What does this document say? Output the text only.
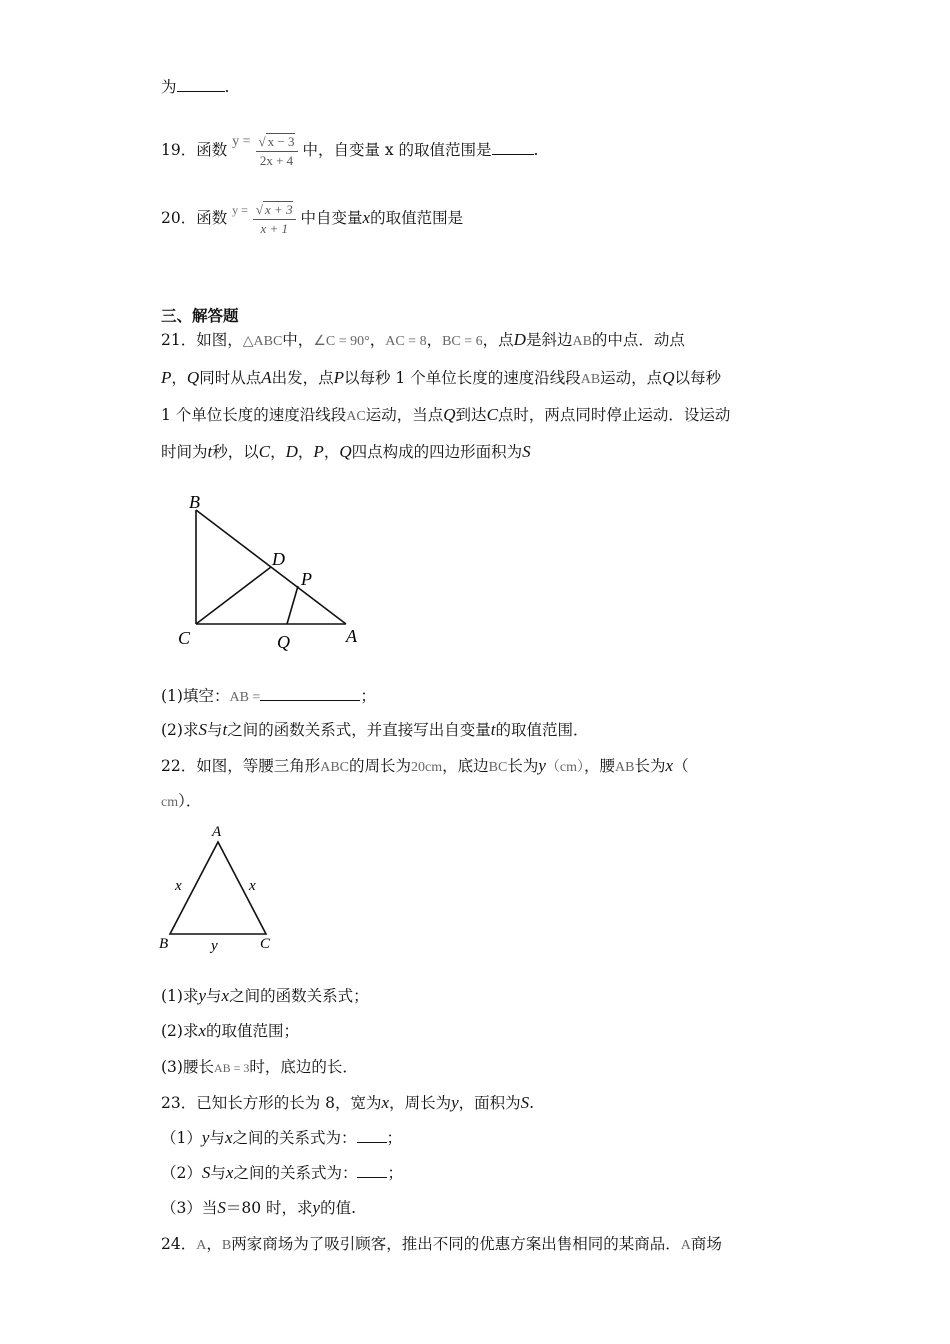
为	.
19．函数 $y = \frac{√ x - 3}{2x + 4}$ 中，自变量 x 的取值范围是	.
20．函数 $^{y =} \frac{√ x + 3}{x + 1}$ 中自变量x的取值范围是
三、解答题
21．如图，△ABC中，∠C = 90°，AC = 8，BC = 6，点D是斜边AB的中点．动点
P，Q同时从点A出发，点P以每秒 1 个单位长度的速度沿线段AB运动，点Q以每秒
1 个单位长度的速度沿线段AC运动，当点Q到达C点时，两点同时停止运动．设运动
时间为t秒，以C，D，P，Q四点构成的四边形面积为S
B
D
P
C	Q	A
(1)填空：AB =	；
(2)求S与t之间的函数关系式，并直接写出自变量t的取值范围．
22．如图，等腰三角形ABC的周长为20cm，底边BC长为y（cm），腰AB长为x（
cm）．
A
x	x
B	y	C
(1)求y与x之间的函数关系式；
(2)求x的取值范围；
(3)腰长AB = 3时，底边的长．
23．已知长方形的长为 8，宽为x，周长为y，面积为S.
（1）y与x之间的关系式为： ；
（2）S与x之间的关系式为： ；
（3）当S＝80 时，求y的值.
24．A，B两家商场为了吸引顾客，推出不同的优惠方案出售相同的某商品．A商场
